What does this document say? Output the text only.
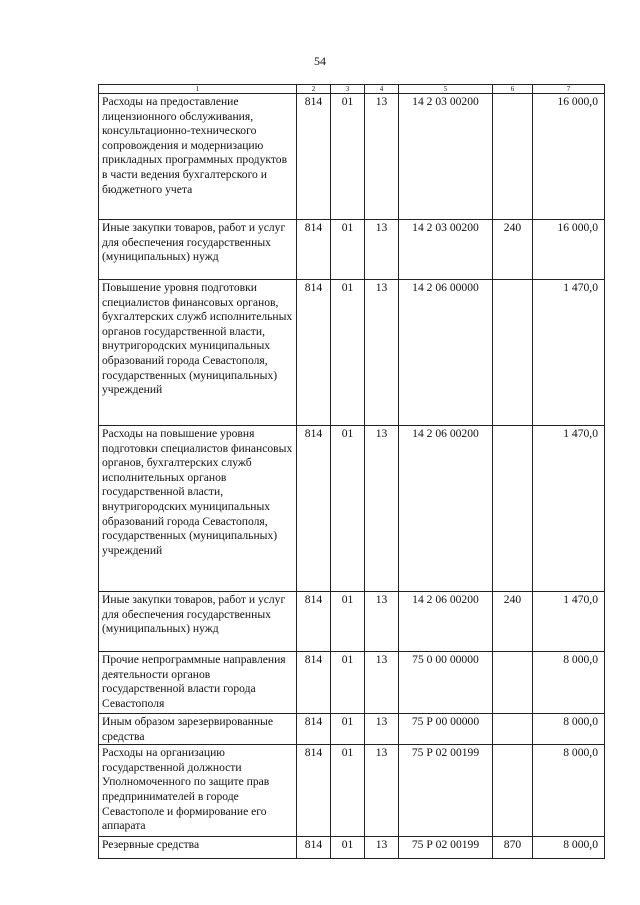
54
1	2	3	4	5	6	7
Расходы на предоставление лицензионного обслуживания, консультационно-технического сопровождения и модернизацию прикладных программных продуктов в части ведения бухгалтерского и бюджетного учета	814	01	13	14 2 03 00200		16 000,0
Иные закупки товаров, работ и услуг для обеспечения государственных (муниципальных) нужд	814	01	13	14 2 03 00200	240	16 000,0
Повышение уровня подготовки специалистов финансовых органов, бухгалтерских служб исполнительных органов государственной власти, внутригородских муниципальных образований города Севастополя, государственных (муниципальных) учреждений	814	01	13	14 2 06 00000		1 470,0
Расходы на повышение уровня подготовки специалистов финансовых органов, бухгалтерских служб исполнительных органов государственной власти, внутригородских муниципальных образований города Севастополя, государственных (муниципальных) учреждений	814	01	13	14 2 06 00200		1 470,0
Иные закупки товаров, работ и услуг для обеспечения государственных (муниципальных) нужд	814	01	13	14 2 06 00200	240	1 470,0
Прочие непрограммные направления деятельности органов государственной власти города Севастополя	814	01	13	75 0 00 00000		8 000,0
Иным образом зарезервированные средства	814	01	13	75 Р 00 00000		8 000,0
Расходы на организацию государственной должности Уполномоченного по защите прав предпринимателей в городе Севастополе и формирование его аппарата	814	01	13	75 Р 02 00199		8 000,0
Резервные средства	814	01	13	75 Р 02 00199	870	8 000,0
